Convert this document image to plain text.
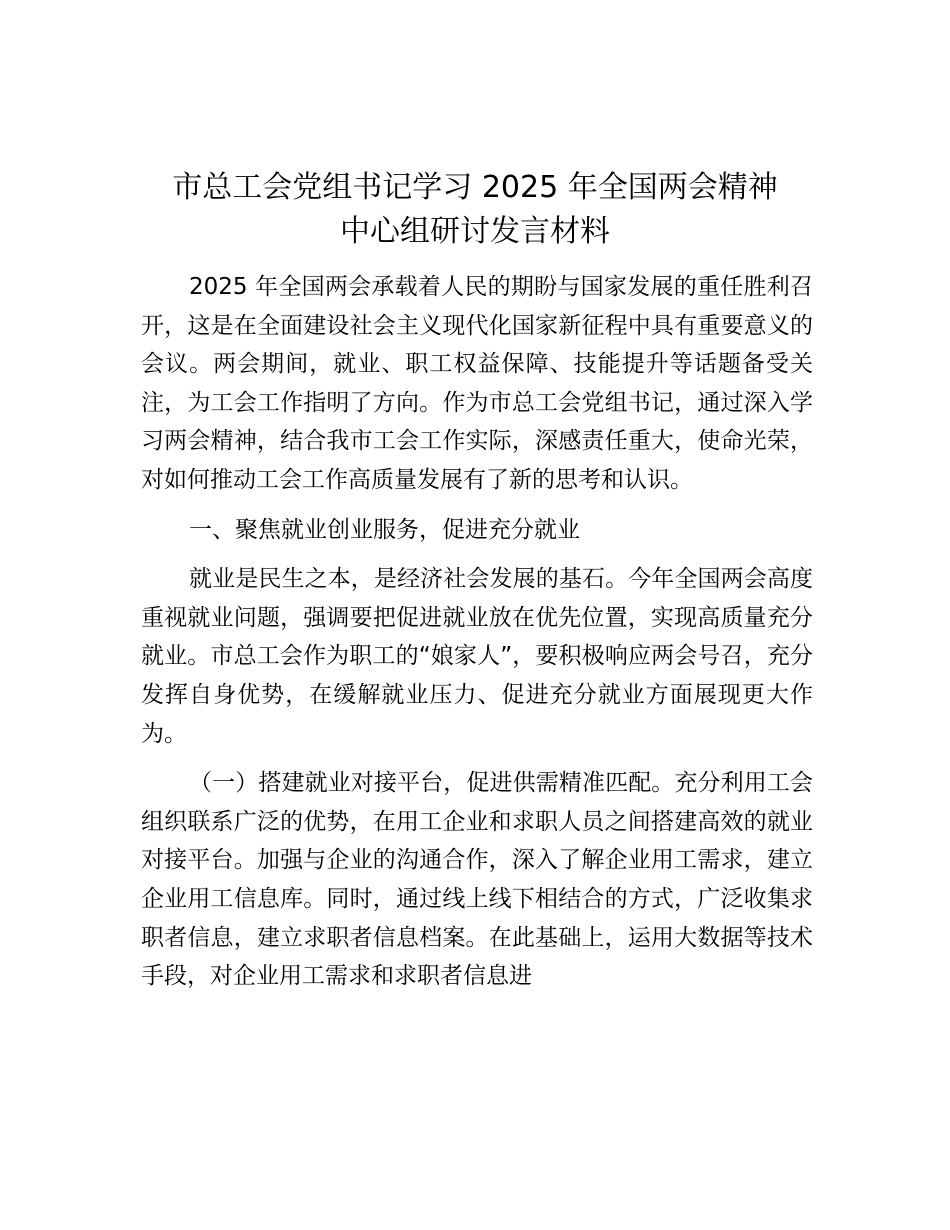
市总工会党组书记学习 2025 年全国两会精神
中心组研讨发言材料

2025 年全国两会承载着人民的期盼与国家发展的重任胜利召开，这是在全面建设社会主义现代化国家新征程中具有重要意义的会议。两会期间，就业、职工权益保障、技能提升等话题备受关注，为工会工作指明了方向。作为市总工会党组书记，通过深入学习两会精神，结合我市工会工作实际，深感责任重大，使命光荣，对如何推动工会工作高质量发展有了新的思考和认识。

一、聚焦就业创业服务，促进充分就业

就业是民生之本，是经济社会发展的基石。今年全国两会高度重视就业问题，强调要把促进就业放在优先位置，实现高质量充分就业。市总工会作为职工的“娘家人”，要积极响应两会号召，充分发挥自身优势，在缓解就业压力、促进充分就业方面展现更大作为。

（一）搭建就业对接平台，促进供需精准匹配。充分利用工会组织联系广泛的优势，在用工企业和求职人员之间搭建高效的就业对接平台。加强与企业的沟通合作，深入了解企业用工需求，建立企业用工信息库。同时，通过线上线下相结合的方式，广泛收集求职者信息，建立求职者信息档案。在此基础上，运用大数据等技术手段，对企业用工需求和求职者信息进
